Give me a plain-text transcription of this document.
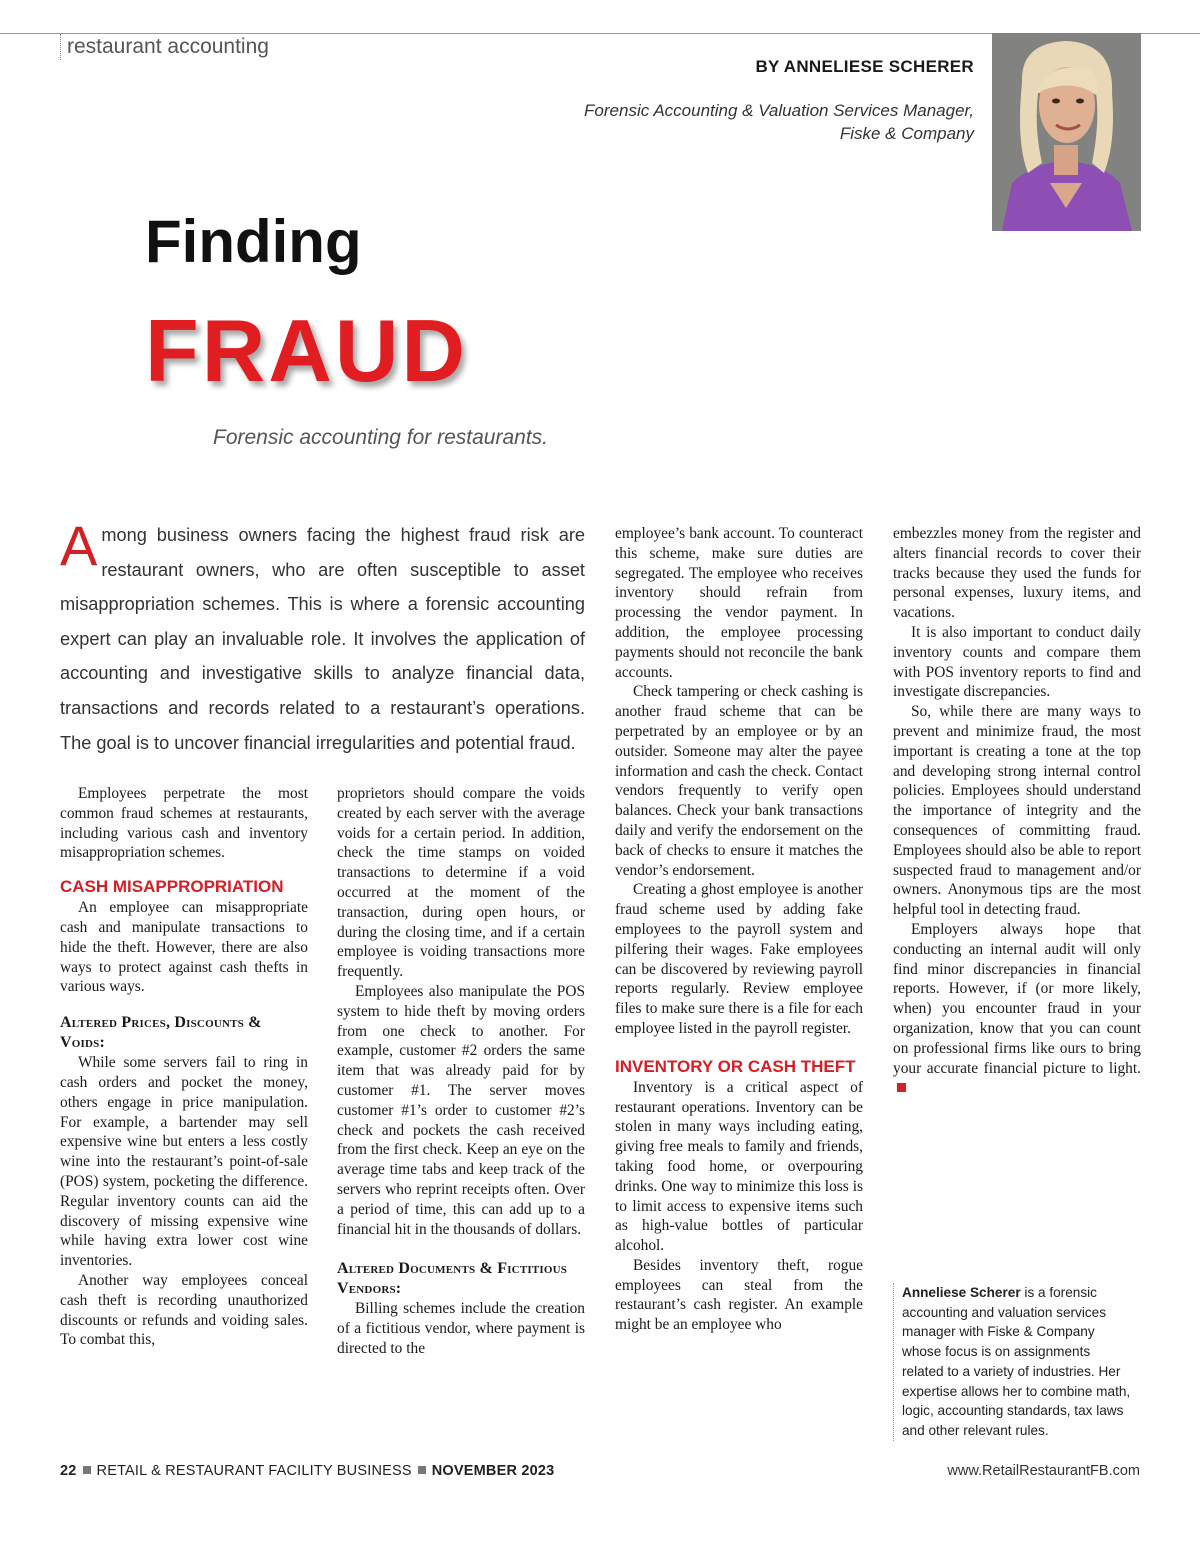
restaurant accounting
BY ANNELIESE SCHERER
Forensic Accounting & Valuation Services Manager,
Fiske & Company
Finding
FRAUD
Forensic accounting for restaurants.

Among business owners facing the highest fraud risk are restaurant owners, who are often susceptible to asset misappropriation schemes. This is where a forensic accounting expert can play an invaluable role. It involves the application of accounting and investigative skills to analyze financial data, transactions and records related to a restaurant’s operations. The goal is to uncover financial irregularities and potential fraud.

Employees perpetrate the most common fraud schemes at restaurants, including various cash and inventory misappropriation schemes.

CASH MISAPPROPRIATION

An employee can misappropriate cash and manipulate transactions to hide the theft. However, there are also ways to protect against cash thefts in various ways.

Altered Prices, Discounts & Voids:

While some servers fail to ring in cash orders and pocket the money, others engage in price manipulation. For example, a bartender may sell expensive wine but enters a less costly wine into the restaurant’s point-of-sale (POS) system, pocketing the difference. Regular inventory counts can aid the discovery of missing expensive wine while having extra lower cost wine inventories.

Another way employees conceal cash theft is recording unauthorized discounts or refunds and voiding sales. To combat this,

proprietors should compare the voids created by each server with the average voids for a certain period. In addition, check the time stamps on voided transactions to determine if a void occurred at the moment of the transaction, during open hours, or during the closing time, and if a certain employee is voiding transactions more frequently.

Employees also manipulate the POS system to hide theft by moving orders from one check to another. For example, customer #2 orders the same item that was already paid for by customer #1. The server moves customer #1’s order to customer #2’s check and pockets the cash received from the first check. Keep an eye on the average time tabs and keep track of the servers who reprint receipts often. Over a period of time, this can add up to a financial hit in the thousands of dollars.

Altered Documents & Fictitious Vendors:

Billing schemes include the creation of a fictitious vendor, where payment is directed to the

employee’s bank account. To counteract this scheme, make sure duties are segregated. The employee who receives inventory should refrain from processing the vendor payment. In addition, the employee processing payments should not reconcile the bank accounts.

Check tampering or check cashing is another fraud scheme that can be perpetrated by an employee or by an outsider. Someone may alter the payee information and cash the check. Contact vendors frequently to verify open balances. Check your bank transactions daily and verify the endorsement on the back of checks to ensure it matches the vendor’s endorsement.

Creating a ghost employee is another fraud scheme used by adding fake employees to the payroll system and pilfering their wages. Fake employees can be discovered by reviewing payroll reports regularly. Review employee files to make sure there is a file for each employee listed in the payroll register.

INVENTORY OR CASH THEFT

Inventory is a critical aspect of restaurant operations. Inventory can be stolen in many ways including eating, giving free meals to family and friends, taking food home, or overpouring drinks. One way to minimize this loss is to limit access to expensive items such as high-value bottles of particular alcohol.

Besides inventory theft, rogue employees can steal from the restaurant’s cash register. An example might be an employee who

embezzles money from the register and alters financial records to cover their tracks because they used the funds for personal expenses, luxury items, and vacations.

It is also important to conduct daily inventory counts and compare them with POS inventory reports to find and investigate discrepancies.

So, while there are many ways to prevent and minimize fraud, the most important is creating a tone at the top and developing strong internal control policies. Employees should understand the importance of integrity and the consequences of committing fraud. Employees should also be able to report suspected fraud to management and/or owners. Anonymous tips are the most helpful tool in detecting fraud.

Employers always hope that conducting an internal audit will only find minor discrepancies in financial reports. However, if (or more likely, when) you encounter fraud in your organization, know that you can count on professional firms like ours to bring your accurate financial picture to light.

Anneliese Scherer is a forensic accounting and valuation services manager with Fiske & Company whose focus is on assignments related to a variety of industries. Her expertise allows her to combine math, logic, accounting standards, tax laws and other relevant rules.
22 RETAIL & RESTAURANT FACILITY BUSINESS NOVEMBER 2023	www.RetailRestaurantFB.com
